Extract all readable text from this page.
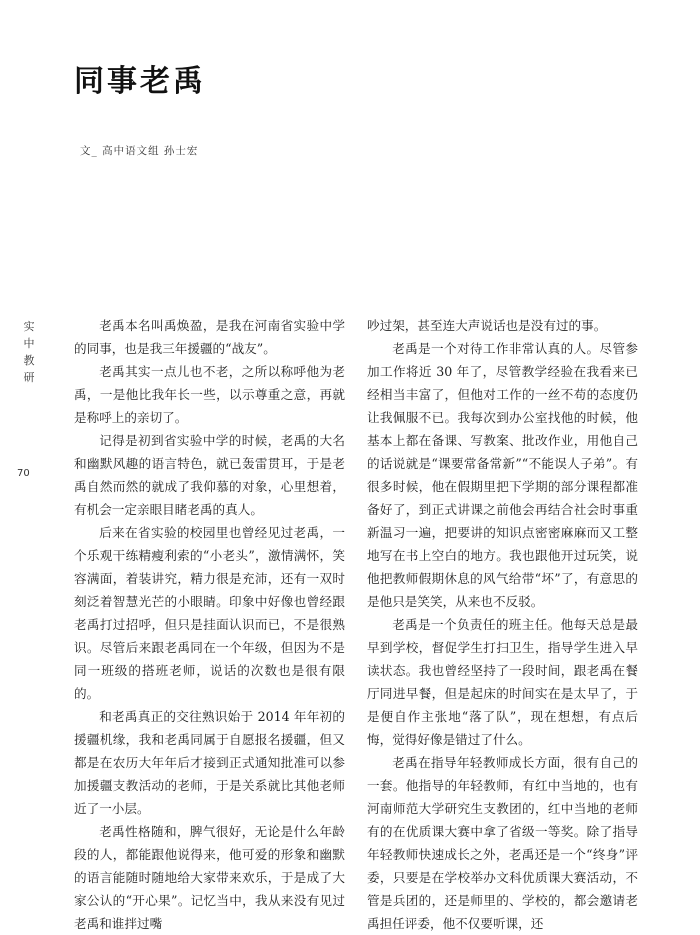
同事老禹

文_ 高中语文组 孙士宏

实
中
教
研
70

老禹本名叫禹焕盈，是我在河南省实验中学的同事，也是我三年援疆的“战友”。

老禹其实一点儿也不老，之所以称呼他为老禹，一是他比我年长一些，以示尊重之意，再就是称呼上的亲切了。

记得是初到省实验中学的时候，老禹的大名和幽默风趣的语言特色，就已轰雷贯耳，于是老禹自然而然的就成了我仰慕的对象，心里想着，有机会一定亲眼目睹老禹的真人。

后来在省实验的校园里也曾经见过老禹，一个乐观干练精瘦利索的“小老头”，激情满怀，笑容满面，着装讲究，精力很是充沛，还有一双时刻泛着智慧光芒的小眼睛。印象中好像也曾经跟老禹打过招呼，但只是挂面认识而已，不是很熟识。尽管后来跟老禹同在一个年级，但因为不是同一班级的搭班老师，说话的次数也是很有限的。

和老禹真正的交往熟识始于 2014 年年初的援疆机缘，我和老禹同属于自愿报名援疆，但又都是在农历大年年后才接到正式通知批准可以参加援疆支教活动的老师，于是关系就比其他老师近了一小层。

老禹性格随和，脾气很好，无论是什么年龄段的人，都能跟他说得来，他可爱的形象和幽默的语言能随时随地给大家带来欢乐，于是成了大家公认的“开心果”。记忆当中，我从来没有见过老禹和谁拌过嘴

吵过架，甚至连大声说话也是没有过的事。

老禹是一个对待工作非常认真的人。尽管参加工作将近 30 年了，尽管教学经验在我看来已经相当丰富了，但他对工作的一丝不苟的态度仍让我佩服不已。我每次到办公室找他的时候，他基本上都在备课、写教案、批改作业，用他自己的话说就是“课要常备常新”“不能误人子弟”。有很多时候，他在假期里把下学期的部分课程都准备好了，到正式讲课之前他会再结合社会时事重新温习一遍，把要讲的知识点密密麻麻而又工整地写在书上空白的地方。我也跟他开过玩笑，说他把教师假期休息的风气给带“坏”了，有意思的是他只是笑笑，从来也不反驳。

老禹是一个负责任的班主任。他每天总是最早到学校，督促学生打扫卫生，指导学生进入早读状态。我也曾经坚持了一段时间，跟老禹在餐厅同进早餐，但是起床的时间实在是太早了，于是便自作主张地“落了队”，现在想想，有点后悔，觉得好像是错过了什么。

老禹在指导年轻教师成长方面，很有自己的一套。他指导的年轻教师，有红中当地的，也有河南师范大学研究生支教团的，红中当地的老师有的在优质课大赛中拿了省级一等奖。除了指导年轻教师快速成长之外，老禹还是一个“终身”评委，只要是在学校举办文科优质课大赛活动，不管是兵团的，还是师里的、学校的，都会邀请老禹担任评委，他不仅要听课，还
